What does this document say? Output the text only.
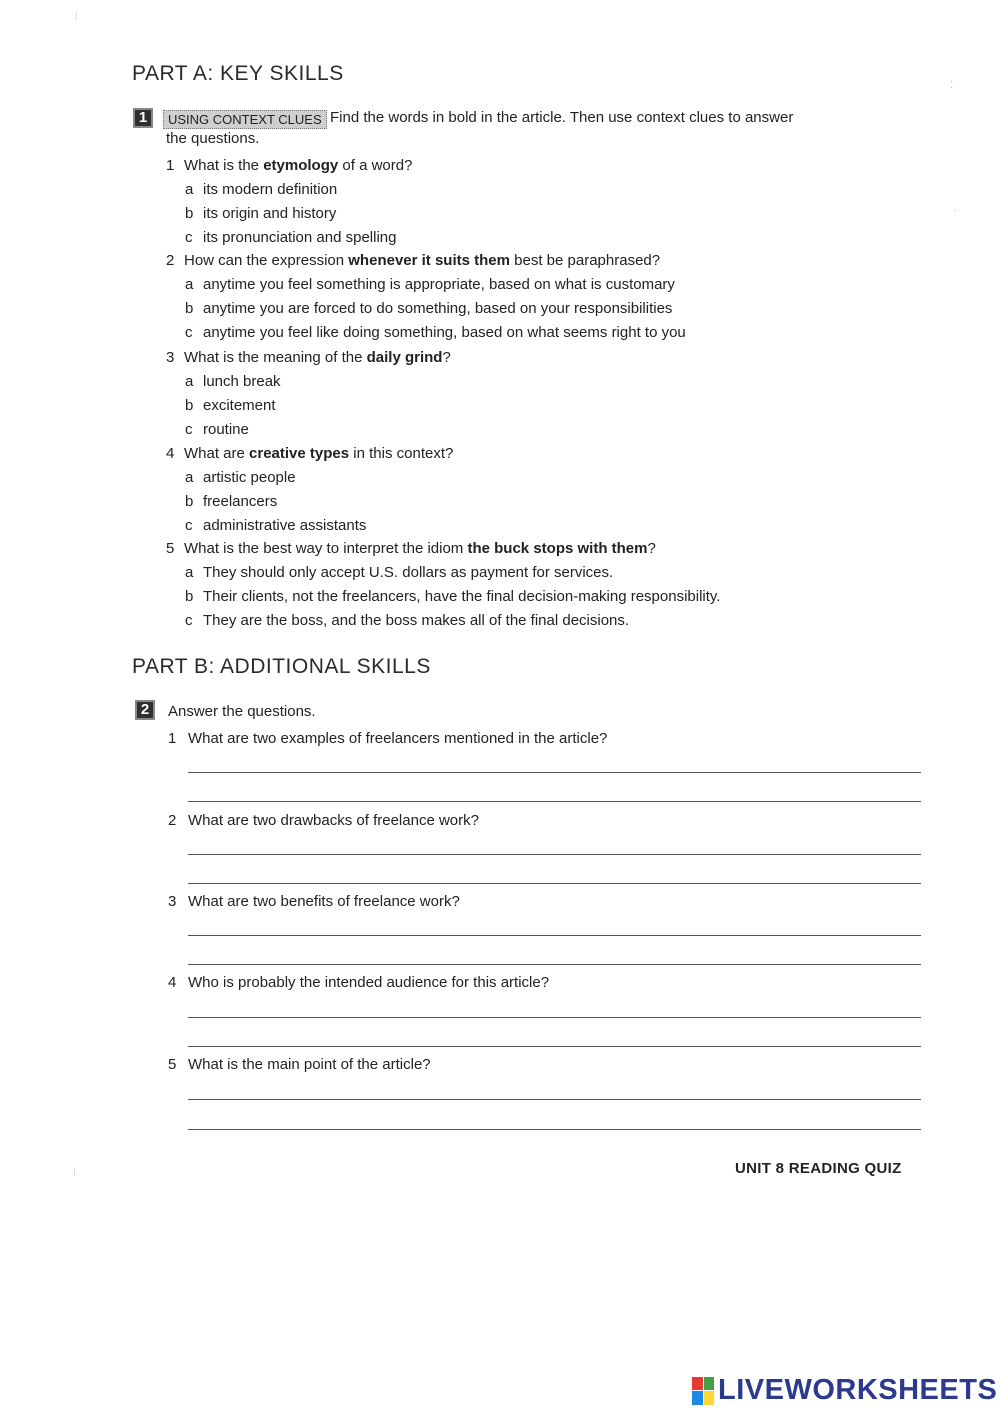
PART A: KEY SKILLS
1	USING CONTEXT CLUES Find the words in bold in the article. Then use context clues to answer
the questions.
1 What is the etymology of a word?
a its modern definition
b its origin and history
c its pronunciation and spelling
2 How can the expression whenever it suits them best be paraphrased?
a anytime you feel something is appropriate, based on what is customary
b anytime you are forced to do something, based on your responsibilities
c anytime you feel like doing something, based on what seems right to you
3 What is the meaning of the daily grind?
a lunch break
b excitement
c routine
4 What are creative types in this context?
a artistic people
b freelancers
c administrative assistants
5 What is the best way to interpret the idiom the buck stops with them?
a They should only accept U.S. dollars as payment for services.
b Their clients, not the freelancers, have the final decision-making responsibility.
c They are the boss, and the boss makes all of the final decisions.
PART B: ADDITIONAL SKILLS
2	Answer the questions.
1 What are two examples of freelancers mentioned in the article?
2 What are two drawbacks of freelance work?
3 What are two benefits of freelance work?
4 Who is probably the intended audience for this article?
5 What is the main point of the article?
UNIT 8 READING QUIZ
⁞
⁚
·
⁞
LIVEWORKSHEETS
